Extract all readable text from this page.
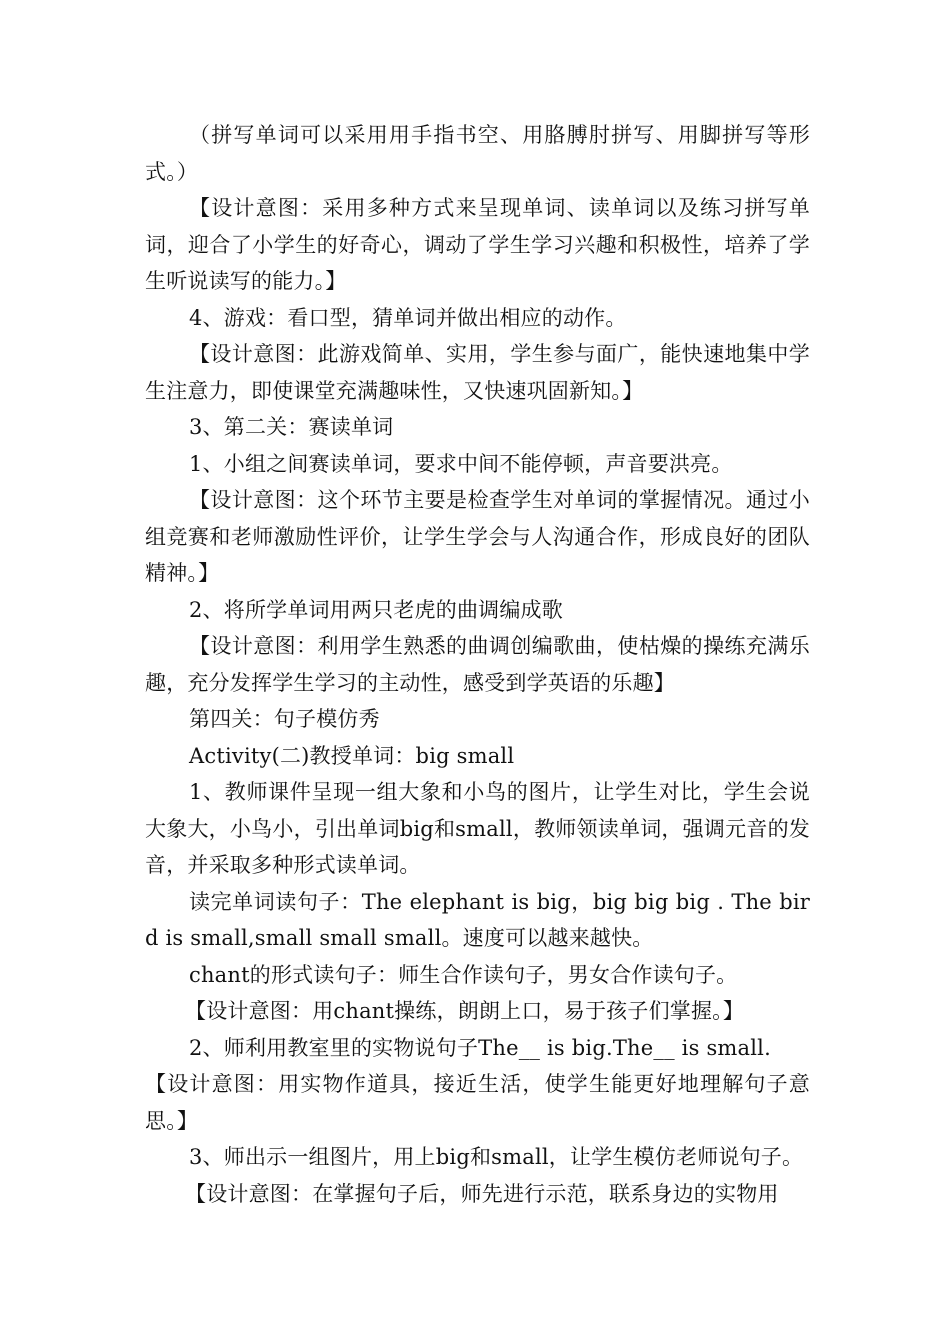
（拼写单词可以采用用手指书空、用胳膊肘拼写、用脚拼写等形式。）

【设计意图：采用多种方式来呈现单词、读单词以及练习拼写单词，迎合了小学生的好奇心，调动了学生学习兴趣和积极性，培养了学生听说读写的能力。】

4、游戏：看口型，猜单词并做出相应的动作。

【设计意图：此游戏简单、实用，学生参与面广，能快速地集中学生注意力，即使课堂充满趣味性，又快速巩固新知。】

3、第二关：赛读单词

1、小组之间赛读单词，要求中间不能停顿，声音要洪亮。

【设计意图：这个环节主要是检查学生对单词的掌握情况。通过小组竞赛和老师激励性评价，让学生学会与人沟通合作，形成良好的团队精神。】

2、将所学单词用两只老虎的曲调编成歌

【设计意图：利用学生熟悉的曲调创编歌曲，使枯燥的操练充满乐趣，充分发挥学生学习的主动性，感受到学英语的乐趣】

第四关：句子模仿秀

Activity(二)教授单词：big small

1、教师课件呈现一组大象和小鸟的图片，让学生对比，学生会说大象大，小鸟小，引出单词big和small，教师领读单词，强调元音的发音，并采取多种形式读单词。

读完单词读句子：The elephant is big，big big big . The bird is small,small small small。速度可以越来越快。

chant的形式读句子：师生合作读句子，男女合作读句子。

【设计意图：用chant操练，朗朗上口，易于孩子们掌握。】

2、师利用教室里的实物说句子The__ is big.The__ is small.

【设计意图：用实物作道具，接近生活，使学生能更好地理解句子意思。】

3、师出示一组图片，用上big和small，让学生模仿老师说句子。

【设计意图：在掌握句子后，师先进行示范，联系身边的实物用
